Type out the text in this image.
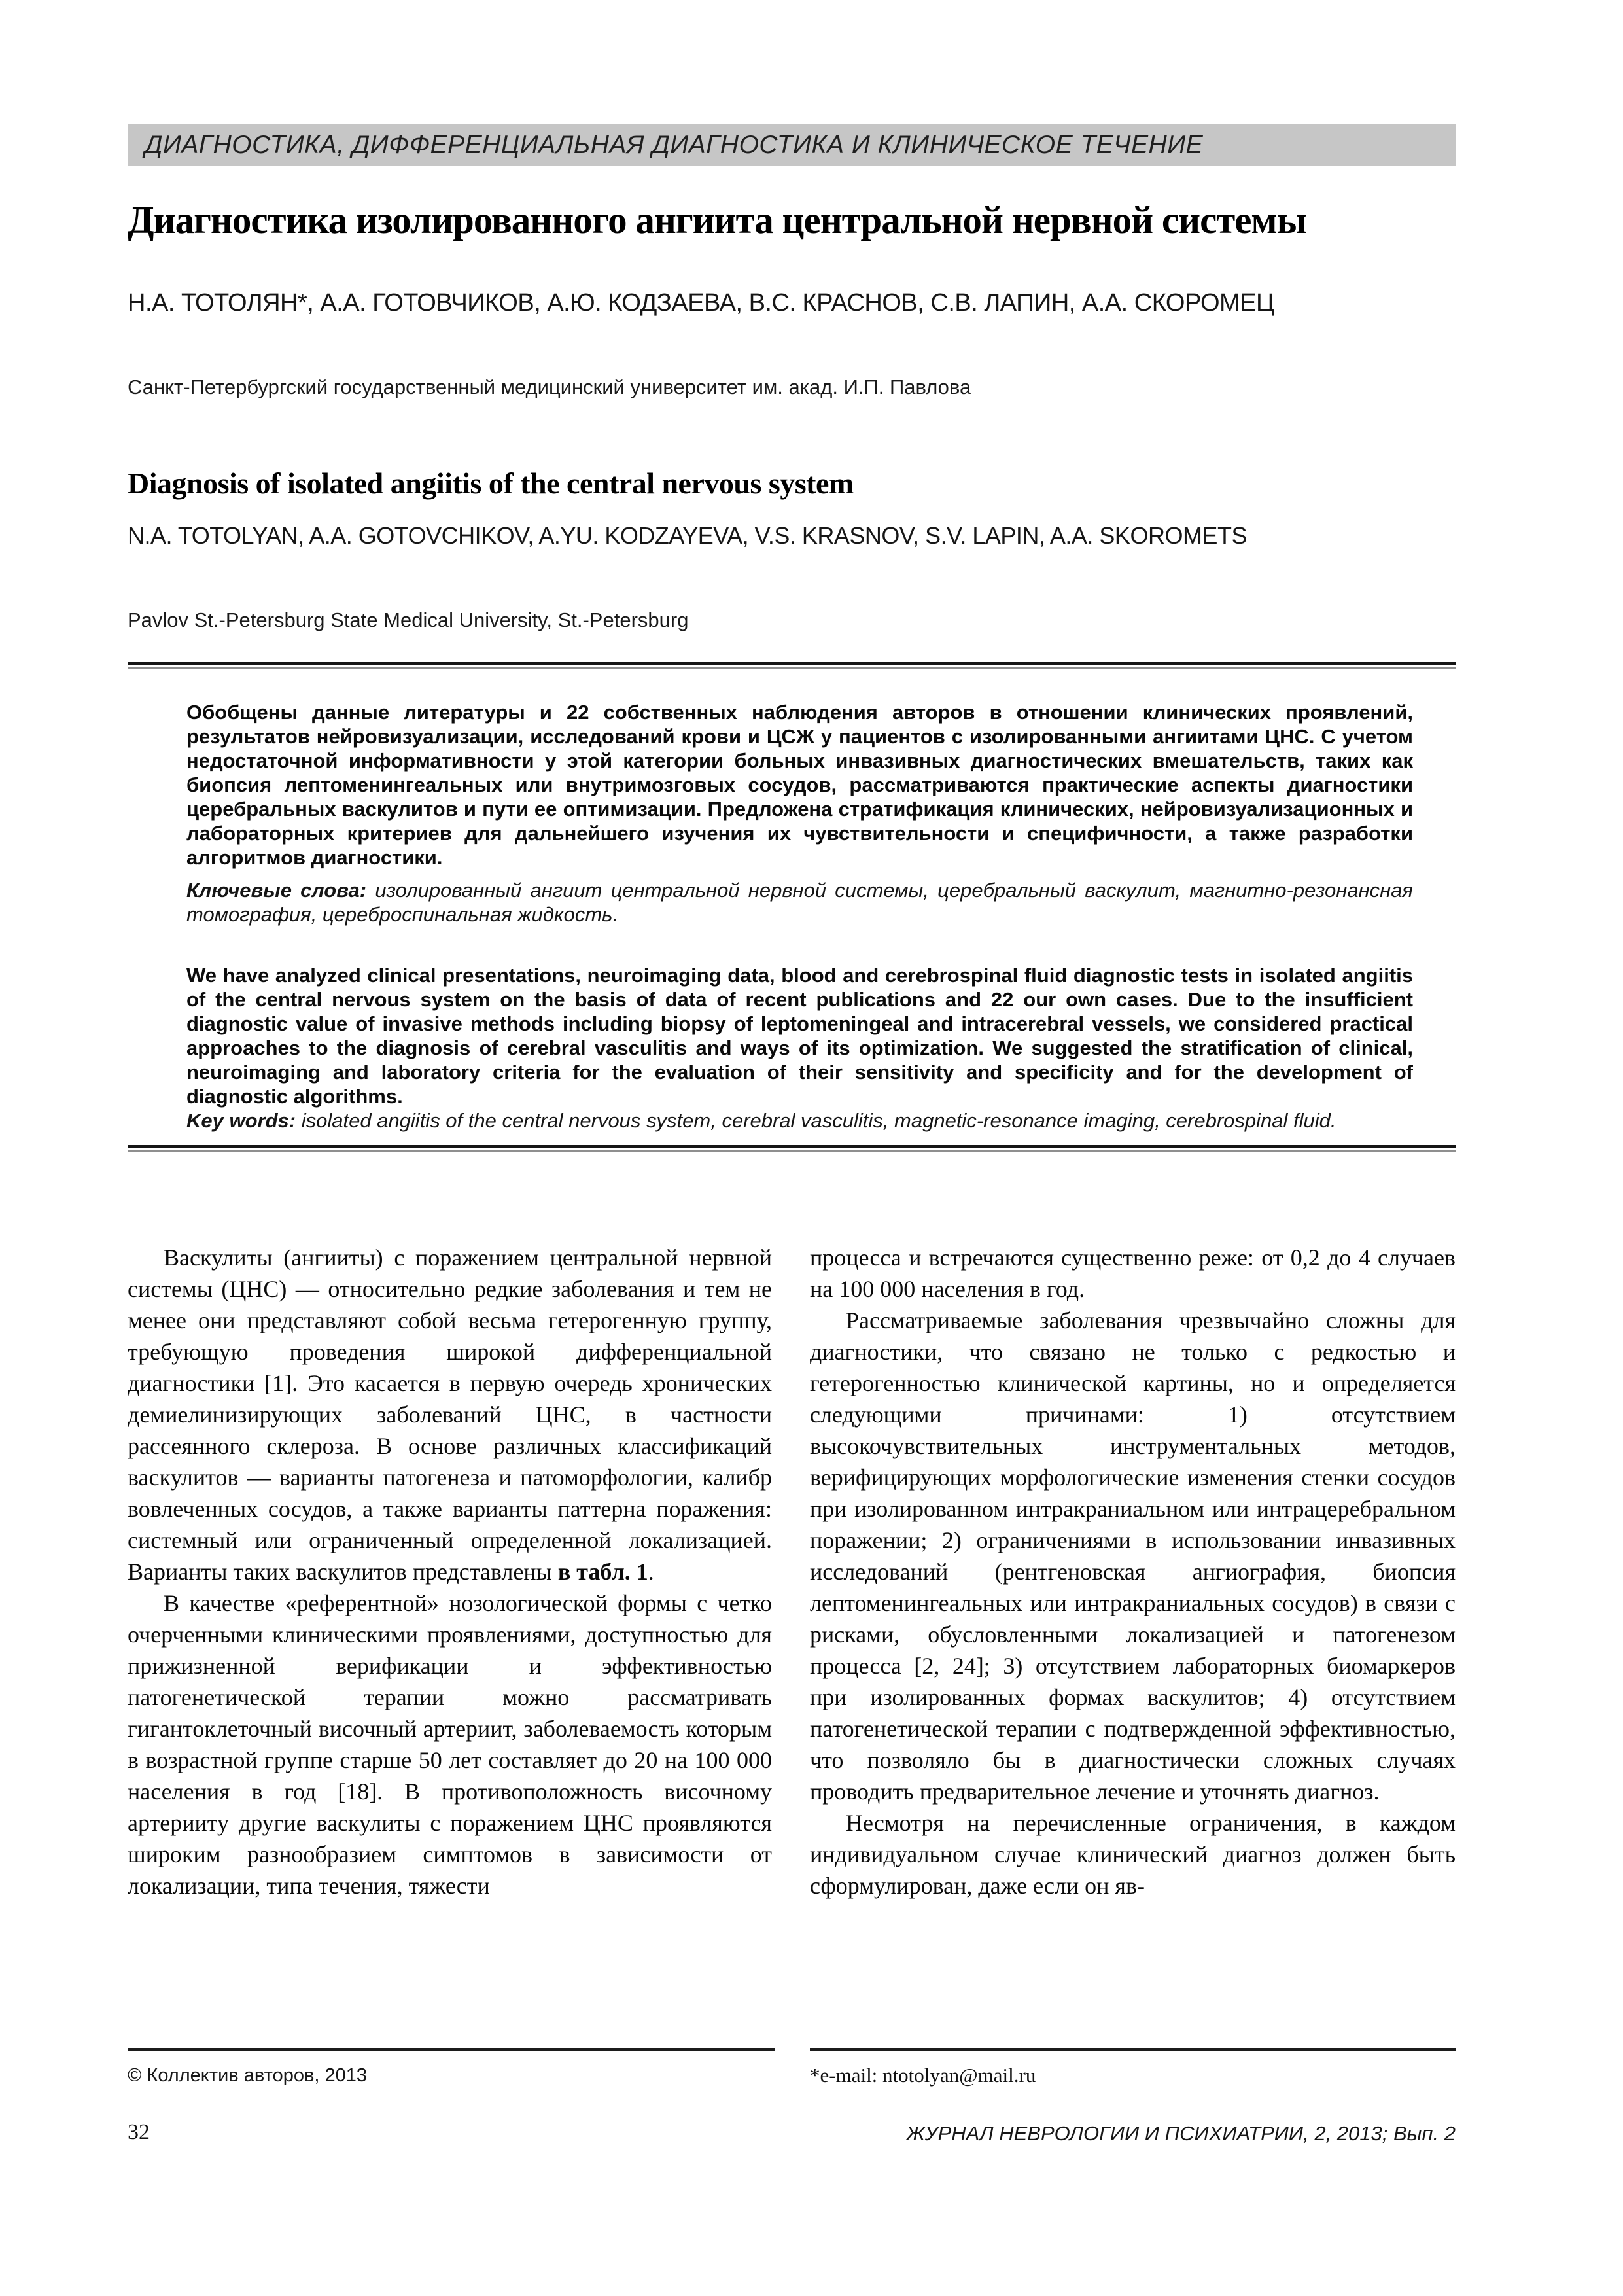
ДИАГНОСТИКА, ДИФФЕРЕНЦИАЛЬНАЯ ДИАГНОСТИКА И КЛИНИЧЕСКОЕ ТЕЧЕНИЕ
Диагностика изолированного ангиита центральной нервной системы
Н.А. ТОТОЛЯН*, А.А. ГОТОВЧИКОВ, А.Ю. КОДЗАЕВА, В.С. КРАСНОВ, С.В. ЛАПИН, А.А. СКОРОМЕЦ
Санкт-Петербургский государственный медицинский университет им. акад. И.П. Павлова
Diagnosis of isolated angiitis of the central nervous system
N.A. TOTOLYAN, A.A. GOTOVCHIKOV, A.YU. KODZAYEVA, V.S. KRASNOV, S.V. LAPIN, A.A. SKOROMETS
Pavlov St.-Petersburg State Medical University, St.-Petersburg

Обобщены данные литературы и 22 собственных наблюдения авторов в отношении клинических проявлений, результатов нейровизуализации, исследований крови и ЦСЖ у пациентов с изолированными ангиитами ЦНС. С учетом недостаточной информативности у этой категории больных инвазивных диагностических вмешательств, таких как биопсия лептоменингеальных или внутримозговых сосудов, рассматриваются практические аспекты диагностики церебральных васкулитов и пути ее оптимизации. Предложена стратификация клинических, нейровизуализационных и лабораторных критериев для дальнейшего изучения их чувствительности и специфичности, а также разработки алгоритмов диагностики.

Ключевые слова: изолированный ангиит центральной нервной системы, церебральный васкулит, магнитно-резонансная томография, цереброспинальная жидкость.

We have analyzed clinical presentations, neuroimaging data, blood and cerebrospinal fluid diagnostic tests in isolated angiitis of the central nervous system on the basis of data of recent publications and 22 our own cases. Due to the insufficient diagnostic value of invasive methods including biopsy of leptomeningeal and intracerebral vessels, we considered practical approaches to the diagnosis of cerebral vasculitis and ways of its optimization. We suggested the stratification of clinical, neuroimaging and laboratory criteria for the evaluation of their sensitivity and specificity and for the development of diagnostic algorithms.

Key words: isolated angiitis of the central nervous system, cerebral vasculitis, magnetic-resonance imaging, cerebrospinal fluid.

Васкулиты (ангииты) с поражением центральной нервной системы (ЦНС) — относительно редкие заболевания и тем не менее они представляют собой весьма гетерогенную группу, требующую проведения широкой дифференциальной диагностики [1]. Это касается в первую очередь хронических демиелинизирующих заболеваний ЦНС, в частности рассеянного склероза. В основе различных классификаций васкулитов — варианты патогенеза и патоморфологии, калибр вовлеченных сосудов, а также варианты паттерна поражения: системный или ограниченный определенной локализацией. Варианты таких васкулитов представлены в табл. 1.

В качестве «референтной» нозологической формы с четко очерченными клиническими проявлениями, доступностью для прижизненной верификации и эффективностью патогенетической терапии можно рассматривать гигантоклеточный височный артериит, заболеваемость которым в возрастной группе старше 50 лет составляет до 20 на 100 000 населения в год [18]. В противоположность височному артерииту другие васкулиты с поражением ЦНС проявляются широким разнообразием симптомов в зависимости от локализации, типа течения, тяжести

процесса и встречаются существенно реже: от 0,2 до 4 случаев на 100 000 населения в год.

Рассматриваемые заболевания чрезвычайно сложны для диагностики, что связано не только с редкостью и гетерогенностью клинической картины, но и определяется следующими причинами: 1) отсутствием высокочувствительных инструментальных методов, верифицирующих морфологические изменения стенки сосудов при изолированном интракраниальном или интрацеребральном поражении; 2) ограничениями в использовании инвазивных исследований (рентгеновская ангиография, биопсия лептоменингеальных или интракраниальных сосудов) в связи с рисками, обусловленными локализацией и патогенезом процесса [2, 24]; 3) отсутствием лабораторных биомаркеров при изолированных формах васкулитов; 4) отсутствием патогенетической терапии с подтвержденной эффективностью, что позволяло бы в диагностически сложных случаях проводить предварительное лечение и уточнять диагноз.

Несмотря на перечисленные ограничения, в каждом индивидуальном случае клинический диагноз должен быть сформулирован, даже если он яв-

© Коллектив авторов, 2013	*e-mail: ntotolyan@mail.ru
32	ЖУРНАЛ НЕВРОЛОГИИ И ПСИХИАТРИИ, 2, 2013; Вып. 2
